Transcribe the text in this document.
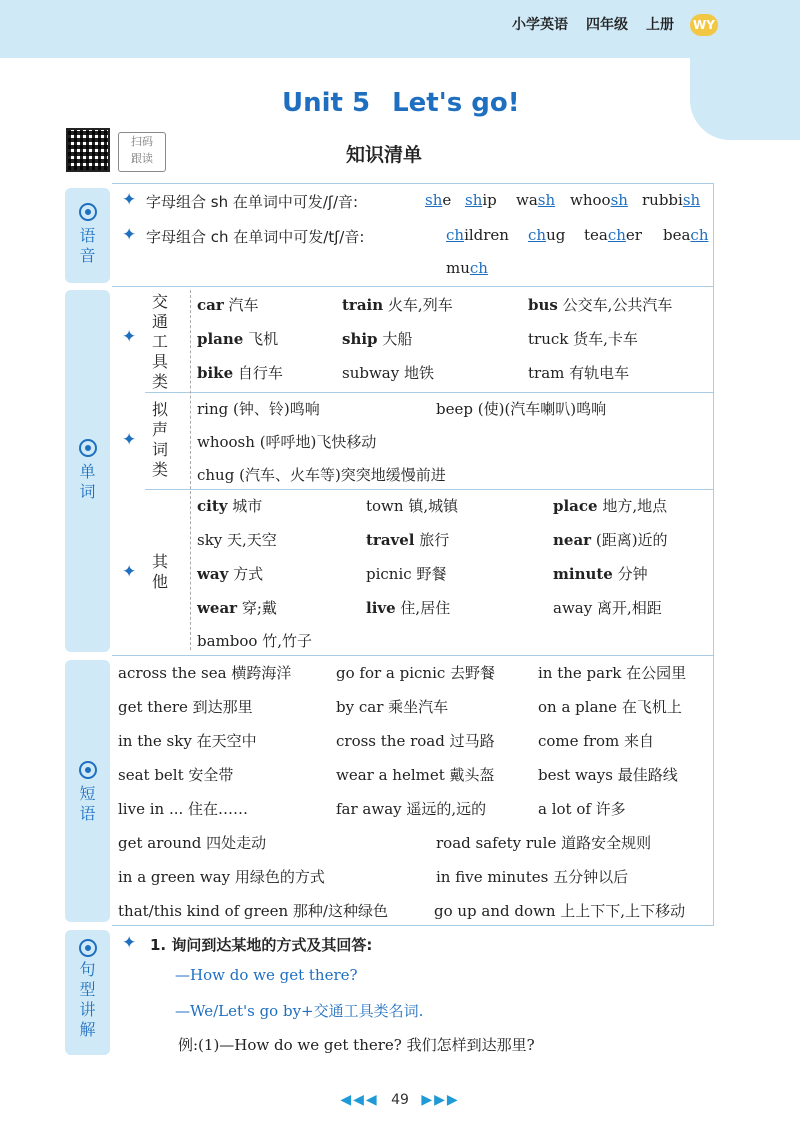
小学英语 四年级 上册 WY
Unit 5 Let's go!
扫码
跟读	知识清单
语音
单词
短语
句型讲解
✦ 字母组合 sh 在单词中可发/ʃ/音:	she ship wash whoosh rubbish
✦ 字母组合 ch 在单词中可发/tʃ/音:	children chug teacher beach
much
✦
交
通
工
具
类
✦
拟
声
词
类
✦
其
他
car 汽车	train 火车,列车	bus 公交车,公共汽车
plane 飞机	ship 大船	truck 货车,卡车
bike 自行车	subway 地铁	tram 有轨电车
ring (钟、铃)鸣响	beep (使)(汽车喇叭)鸣响
whoosh (呼呼地)飞快移动
chug (汽车、火车等)突突地缓慢前进
city 城市	town 镇,城镇	place 地方,地点
sky 天,天空	travel 旅行	near (距离)近的
way 方式	picnic 野餐	minute 分钟
wear 穿;戴	live 住,居住	away 离开,相距
bamboo 竹,竹子
across the sea 横跨海洋	go for a picnic 去野餐	in the park 在公园里
get there 到达那里	by car 乘坐汽车	on a plane 在飞机上
in the sky 在天空中	cross the road 过马路	come from 来自
seat belt 安全带	wear a helmet 戴头盔	best ways 最佳路线
live in ... 住在……	far away 遥远的,远的	a lot of 许多
get around 四处走动	road safety rule 道路安全规则
in a green way 用绿色的方式	in five minutes 五分钟以后
that/this kind of green 那种/这种绿色	go up and down 上上下下,上下移动
✦ 1. 询问到达某地的方式及其回答:
—How do we get there?
—We/Let's go by+交通工具类名词.
例:(1)—How do we get there? 我们怎样到达那里?
◀◀◀ 49 ▶▶▶
